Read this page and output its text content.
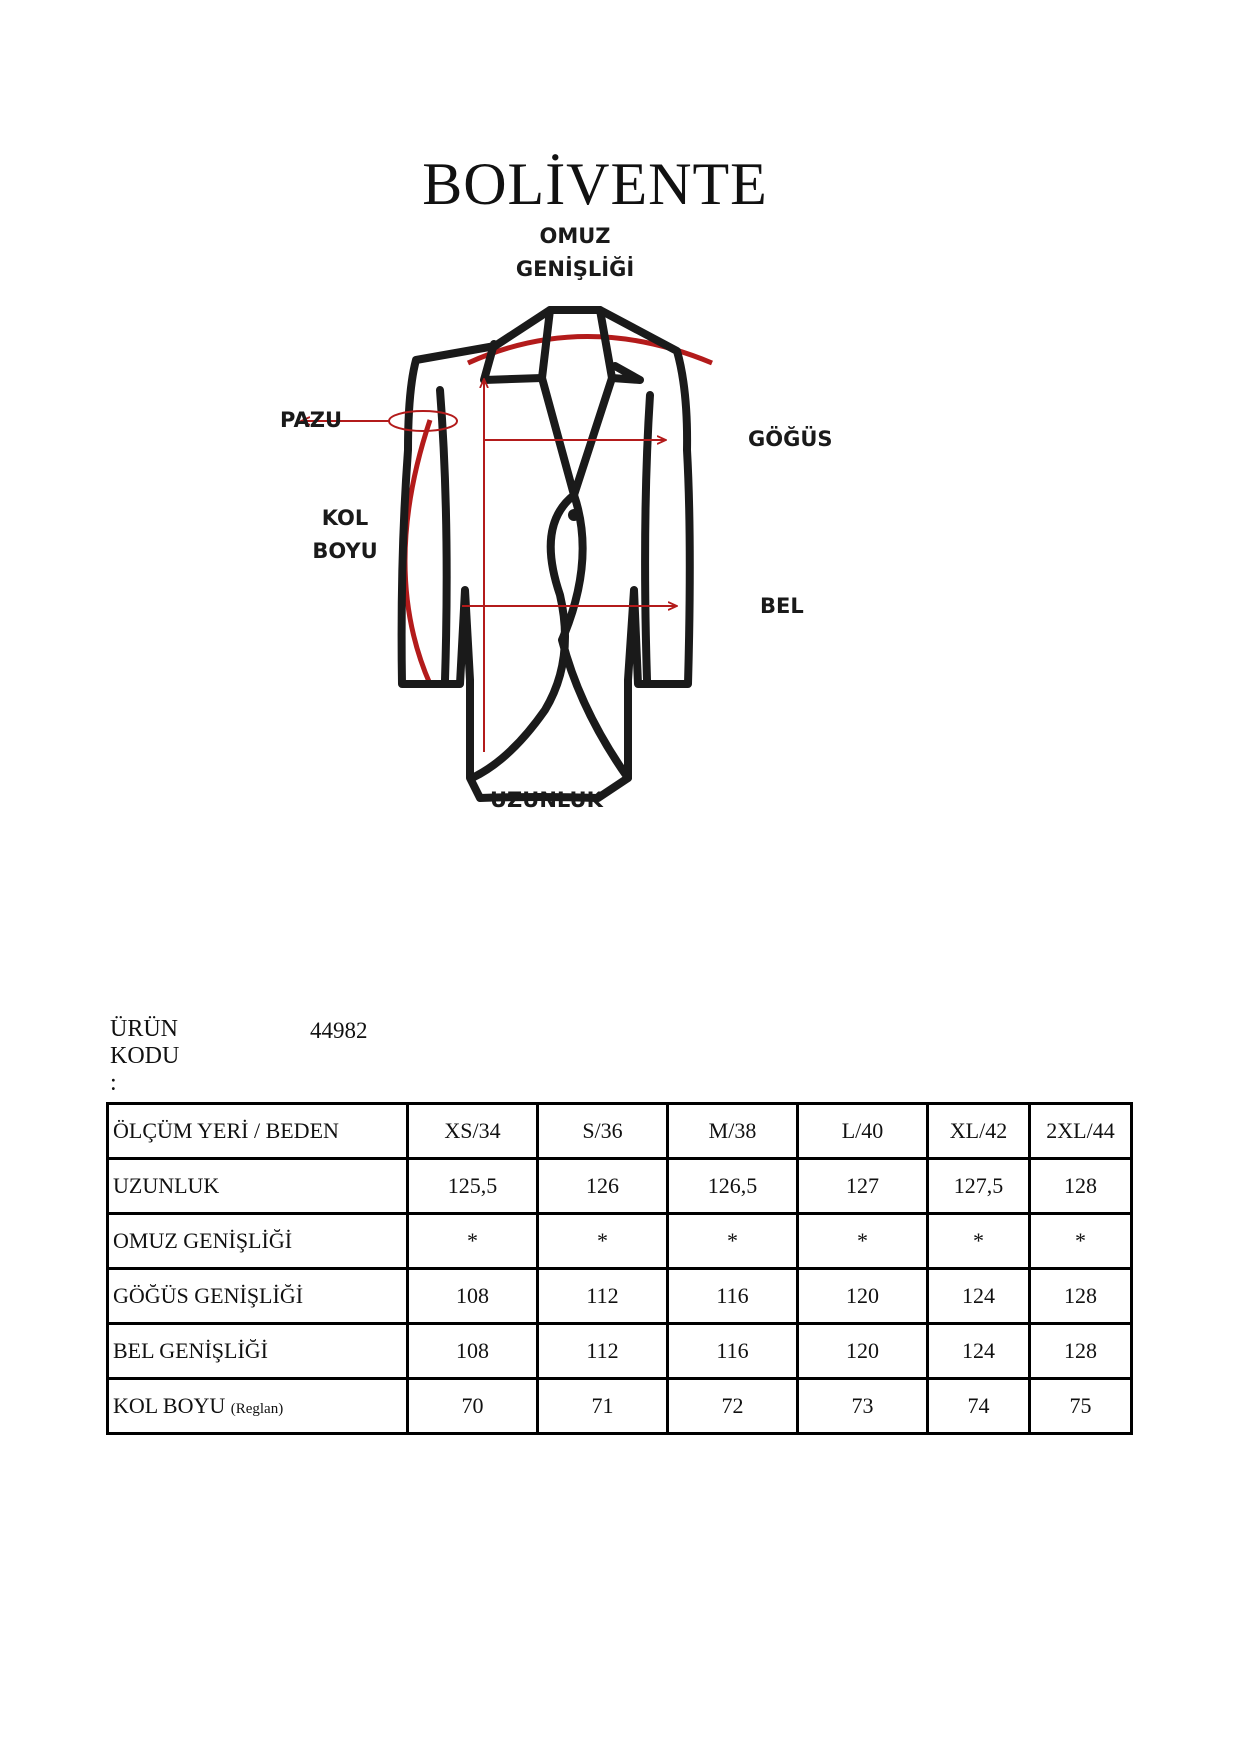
BOLİVENTE
OMUZ
GENİŞLİĞİ
PAZU
GÖĞÜS
KOL
BOYU
BEL
UZUNLUK
ÜRÜN KODU :
44982
ÖLÇÜM YERİ / BEDEN	XS/34	S/36	M/38	L/40	XL/42	2XL/44
UZUNLUK	125,5	126	126,5	127	127,5	128
OMUZ GENİŞLİĞİ	*	*	*	*	*	*
GÖĞÜS GENİŞLİĞİ	108	112	116	120	124	128
BEL GENİŞLİĞİ	108	112	116	120	124	128
KOL BOYU (Reglan)	70	71	72	73	74	75
